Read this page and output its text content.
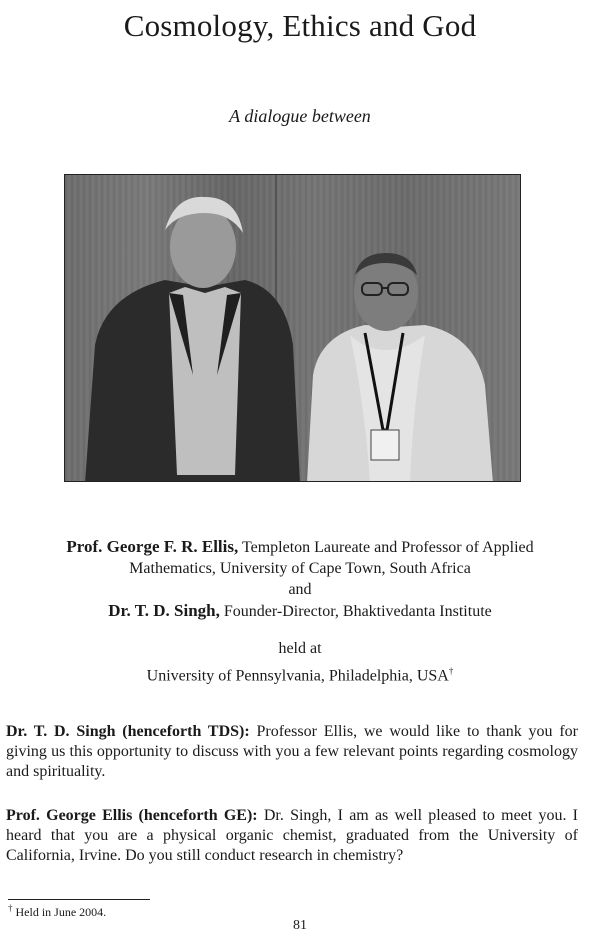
Cosmology, Ethics and God
A dialogue between
Prof. George F. R. Ellis, Templeton Laureate and Professor of Applied
Mathematics, University of Cape Town, South Africa
and
Dr. T. D. Singh, Founder-Director, Bhaktivedanta Institute
held at
University of Pennsylvania, Philadelphia, USA†
Dr. T. D. Singh (henceforth TDS): Professor Ellis, we would like to thank you for giving us this opportunity to discuss with you a few relevant points regarding cosmology and spirituality.
Prof. George Ellis (henceforth GE): Dr. Singh, I am as well pleased to meet you. I heard that you are a physical organic chemist, graduated from the University of California, Irvine. Do you still conduct research in chemistry?
† Held in June 2004.
81
